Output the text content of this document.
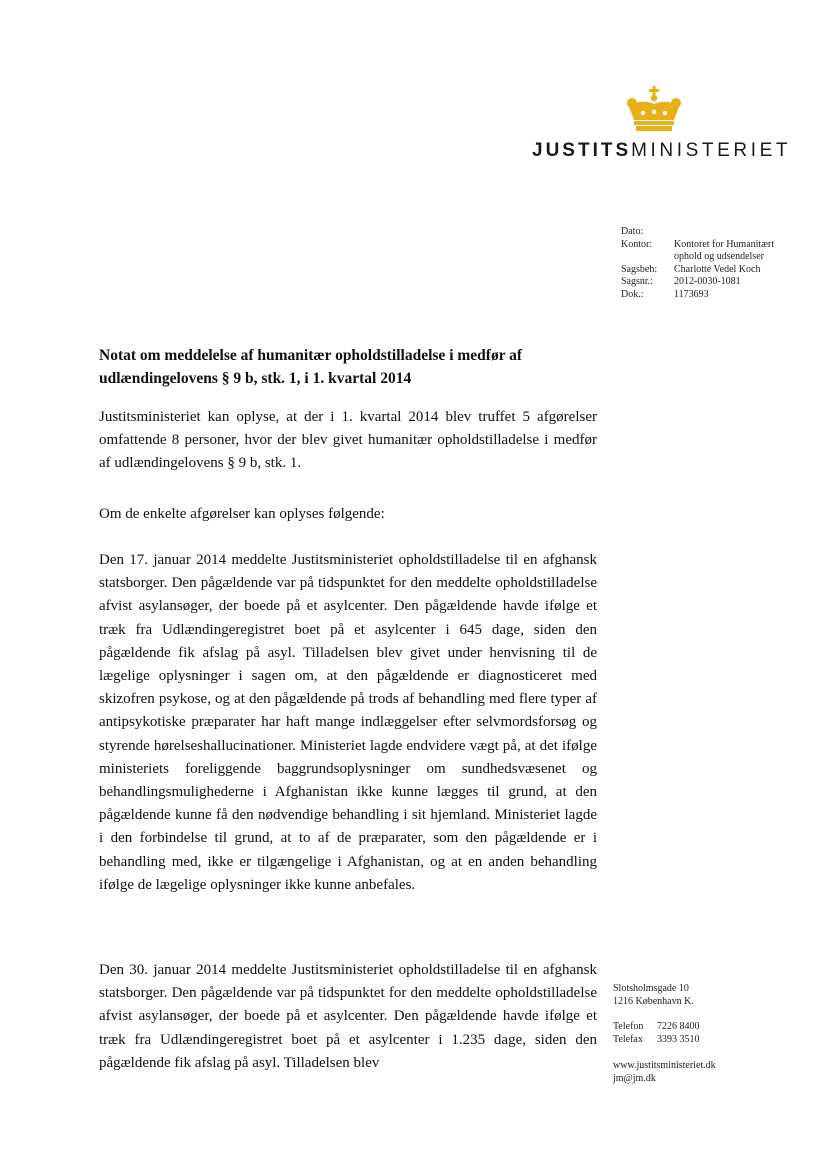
JUSTITSMINISTERIET
Dato:
Kontor:	Kontoret for Humanitært ophold og udsendelser
Sagsbeh:	Charlotte Vedel Koch
Sagsnr.:	2012-0030-1081
Dok.:	1173693
Notat om meddelelse af humanitær opholdstilladelse i medfør af udlændingelovens § 9 b, stk. 1, i 1. kvartal 2014
Justitsministeriet kan oplyse, at der i 1. kvartal 2014 blev truffet 5 afgørelser omfattende 8 personer, hvor der blev givet humanitær opholdstilladelse i medfør af udlændingelovens § 9 b, stk. 1.
Om de enkelte afgørelser kan oplyses følgende:
Den 17. januar 2014 meddelte Justitsministeriet opholdstilladelse til en afghansk statsborger. Den pågældende var på tidspunktet for den meddelte opholdstilladelse afvist asylansøger, der boede på et asylcenter. Den pågældende havde ifølge et træk fra Udlændingeregistret boet på et asylcenter i 645 dage, siden den pågældende fik afslag på asyl. Tilladelsen blev givet under henvisning til de lægelige oplysninger i sagen om, at den pågældende er diagnosticeret med skizofren psykose, og at den pågældende på trods af behandling med flere typer af antipsykotiske præparater har haft mange indlæggelser efter selvmordsforsøg og styrende hørelseshallucinationer. Ministeriet lagde endvidere vægt på, at det ifølge ministeriets foreliggende baggrundsoplysninger om sundhedsvæsenet og behandlingsmulighederne i Afghanistan ikke kunne lægges til grund, at den pågældende kunne få den nødvendige behandling i sit hjemland. Ministeriet lagde i den forbindelse til grund, at to af de præparater, som den pågældende er i behandling med, ikke er tilgængelige i Afghanistan, og at en anden behandling ifølge de lægelige oplysninger ikke kunne anbefales.
Den 30. januar 2014 meddelte Justitsministeriet opholdstilladelse til en afghansk statsborger. Den pågældende var på tidspunktet for den meddelte opholdstilladelse afvist asylansøger, der boede på et asylcenter. Den pågældende havde ifølge et træk fra Udlændingeregistret boet på et asylcenter i 1.235 dage, siden den pågældende fik afslag på asyl. Tilladelsen blev
Slotsholmsgade 10
1216 København K.
Telefon	7226 8400
Telefax	3393 3510
www.justitsministeriet.dk
jm@jm.dk
